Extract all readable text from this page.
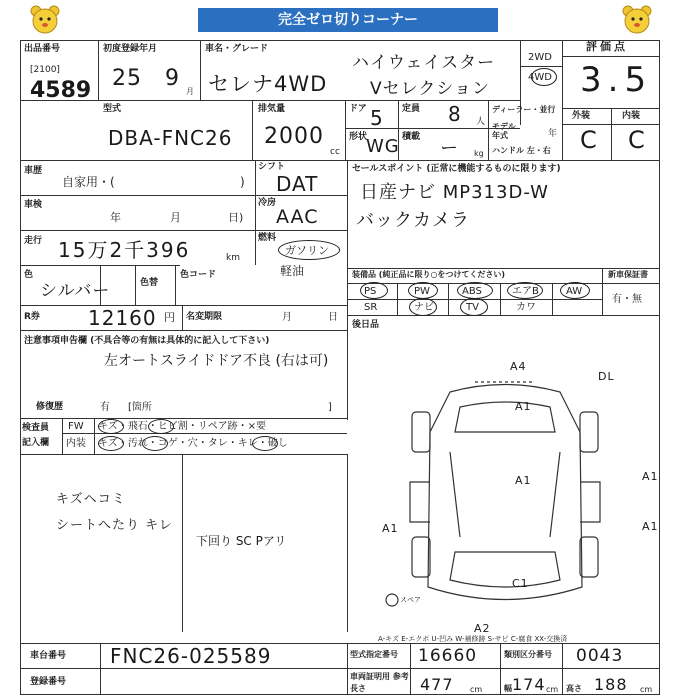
完全ゼロ切りコーナー
出品番号
[2100]
4589
初度登録年月
25 9
月
車名・グレード
セレナ4WD
ハイウェイスター
Vセレクション
2WD
4WD
評価点
3.5
型式
DBA-FNC26
排気量
2000
cc
ドア 5
形状
WG
定員 8 人
積載
ー kg
ディーラー・並行
モデル年式	年
ハンドル 左・右
外装	内装
C C
車歴
自家用・(	)
シフト
DAT
車検
年	月	日)
冷房
AAC
走行 15万2千396	km
燃料
ガソリン
軽油
色
シルバー	色替
色コード
R券 12160 円 名変期限	月	日
注意事項申告欄 (不具合等の有無は具体的に記入して下さい)
左オートスライドドア不良 (右は可)
修復歴	有 [箇所	]
セールスポイント (正常に機能するものに限ります)
日産ナビ MP313D-W
バックカメラ
装備品 (純正品に限り○をつけてください)	新車保証書
PS	PW	ABS	エアB	AW
SR	ナビ	TV	カワ
有・無
後日品
検査員
記入欄
FW キズ・飛石・ヒビ割・リペア跡・×要
内装 キズ・汚れ・コゲ・穴・タレ・キレ・破し
キズヘコミ
シートへたり キレ
下回り SC Pアリ
A4
DL
A1
A1
A1
A1
A1
C1
A2
スペア
A-キズ E-エクボ U-凹み W-補修跡 S-サビ C-腐食 XX-交換済
車台番号 FNC26-025589
登録番号
型式指定番号 16660	類別区分番号 0043
車両証明用 参考
長さ	477 cm	幅 174 cm 高さ 188 cm
